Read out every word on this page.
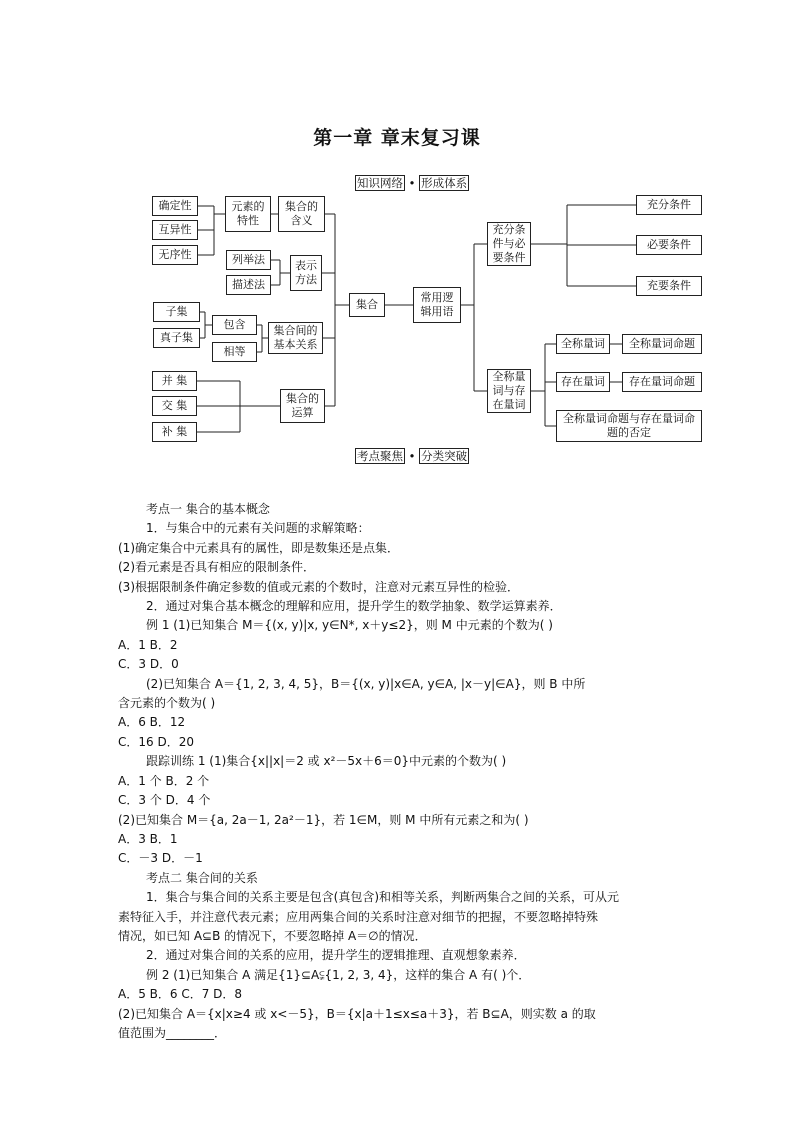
第一章 章末复习课
知识网络 • 形成体系
确定性
互异性
无序性
元素的特性
集合的含义
列举法
描述法
表示方法
子集
真子集
包含
相等
集合间的基本关系
并 集
交 集
补 集
集合的运算
集合
常用逻辑用语
充分条件与必要条件
充分条件
必要条件
充要条件
全称量词与存在量词
全称量词	全称量词命题
存在量词	存在量词命题
全称量词命题与存在量词命题的否定
考点聚焦 • 分类突破

考点一 集合的基本概念

1．与集合中的元素有关问题的求解策略：

(1)确定集合中元素具有的属性，即是数集还是点集．

(2)看元素是否具有相应的限制条件．

(3)根据限制条件确定参数的值或元素的个数时，注意对元素互异性的检验．

2．通过对集合基本概念的理解和应用，提升学生的数学抽象、数学运算素养．

例 1 (1)已知集合 M＝{(x, y)|x, y∈N*, x＋y≤2}，则 M 中元素的个数为( )

A．1 B．2

C．3 D．0

(2)已知集合 A＝{1, 2, 3, 4, 5}，B＝{(x, y)|x∈A, y∈A, |x－y|∈A}，则 B 中所

含元素的个数为( )

A．6 B．12

C．16 D．20

跟踪训练 1 (1)集合{x||x|＝2 或 x²－5x＋6＝0}中元素的个数为( )

A．1 个 B．2 个

C．3 个 D．4 个

(2)已知集合 M＝{a, 2a－1, 2a²－1}，若 1∈M，则 M 中所有元素之和为( )

A．3 B．1

C．－3 D．－1

考点二 集合间的关系

1．集合与集合间的关系主要是包含(真包含)和相等关系，判断两集合之间的关系，可从元

素特征入手，并注意代表元素；应用两集合间的关系时注意对细节的把握，不要忽略掉特殊

情况，如已知 A⊆B 的情况下，不要忽略掉 A＝∅的情况．

2．通过对集合间的关系的应用，提升学生的逻辑推理、直观想象素养．

例 2 (1)已知集合 A 满足{1}⊆A⫋{1, 2, 3, 4}，这样的集合 A 有( )个．

A．5 B．6 C．7 D．8

(2)已知集合 A＝{x|x≥4 或 x<－5}，B＝{x|a＋1≤x≤a＋3}，若 B⊆A，则实数 a 的取

值范围为________．
